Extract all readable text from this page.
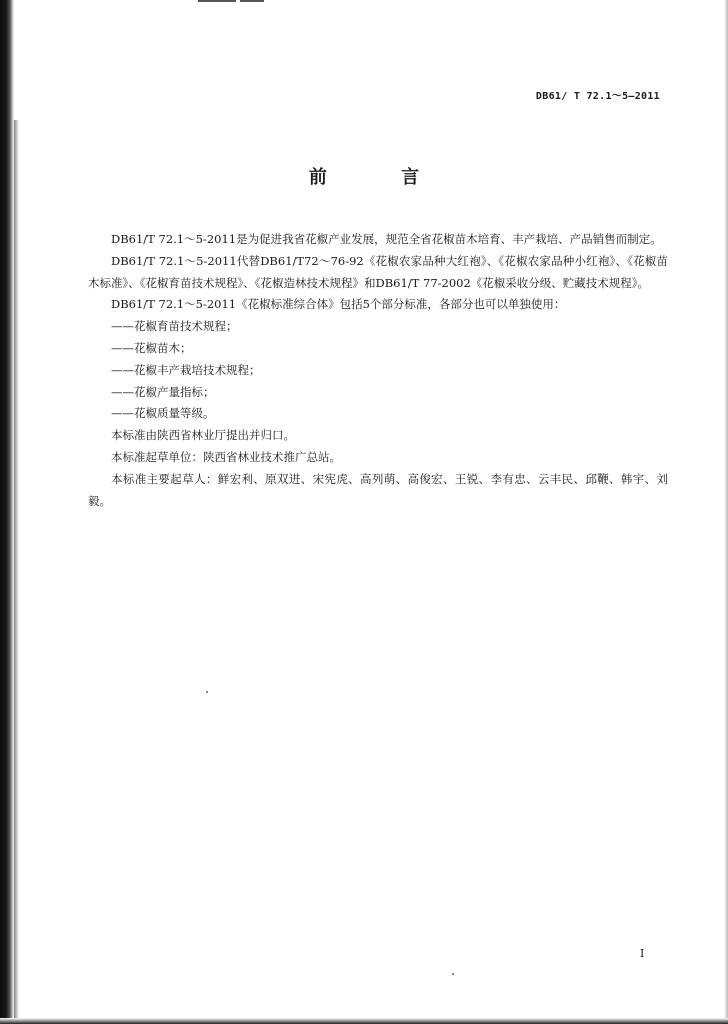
DB61/ T 72.1～5—2011
前 言

DB61/T 72.1～5-2011是为促进我省花椒产业发展，规范全省花椒苗木培育、丰产栽培、产品销售而制定。

DB61/T 72.1～5-2011代替DB61/T72～76-92《花椒农家品种大红袍》、《花椒农家品种小红袍》、《花椒苗木标准》、《花椒育苗技术规程》、《花椒造林技术规程》和DB61/T 77-2002《花椒采收分级、贮藏技术规程》。

DB61/T 72.1～5-2011《花椒标准综合体》包括5个部分标准，各部分也可以单独使用：

——花椒育苗技术规程；

——花椒苗木；

——花椒丰产栽培技术规程；

——花椒产量指标；

——花椒质量等级。

本标准由陕西省林业厅提出并归口。

本标准起草单位：陕西省林业技术推广总站。

本标准主要起草人：鲜宏利、原双进、宋宪虎、高列萌、高俊宏、王锐、李有忠、云丰民、邱鞭、韩宇、刘毅。

I
